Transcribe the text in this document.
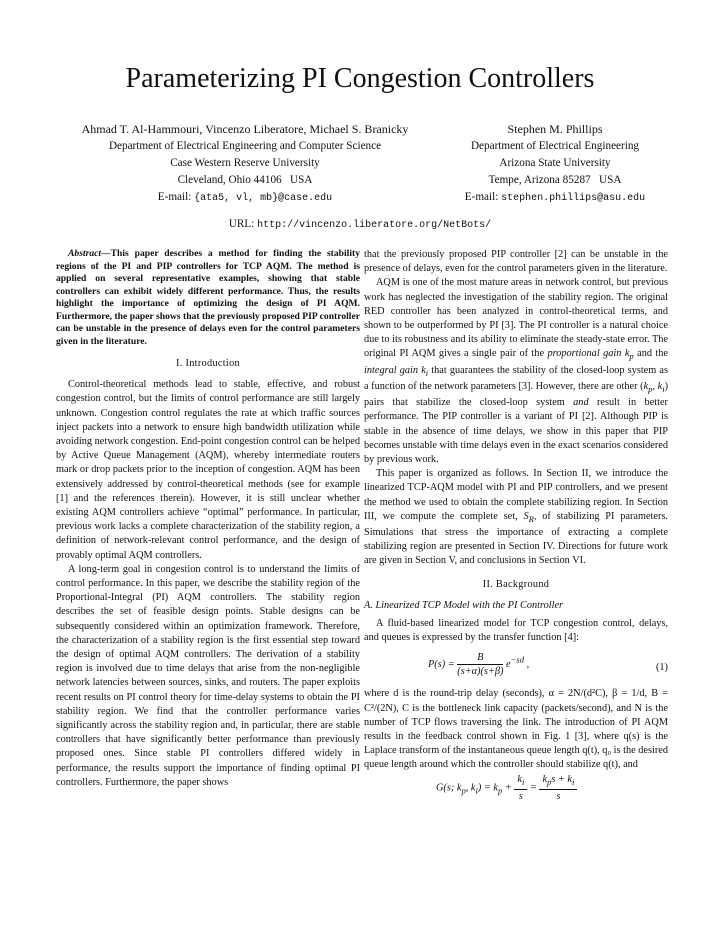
Parameterizing PI Congestion Controllers
Ahmad T. Al-Hammouri, Vincenzo Liberatore, Michael S. Branicky
Department of Electrical Engineering and Computer Science
Case Western Reserve University
Cleveland, Ohio 44106   USA
E-mail: {ata5, vl, mb}@case.edu
Stephen M. Phillips
Department of Electrical Engineering
Arizona State University
Tempe, Arizona 85287   USA
E-mail: stephen.phillips@asu.edu
URL: http://vincenzo.liberatore.org/NetBots/

Abstract—This paper describes a method for finding the stability regions of the PI and PIP controllers for TCP AQM. The method is applied on several representative examples, showing that stable controllers can exhibit widely different performance. Thus, the results highlight the importance of optimizing the design of PI AQM. Furthermore, the paper shows that the previously proposed PIP controller can be unstable in the presence of delays even for the control parameters given in the literature.

I. Introduction

Control-theoretical methods lead to stable, effective, and robust congestion control, but the limits of control performance are still largely unknown. Congestion control regulates the rate at which traffic sources inject packets into a network to ensure high bandwidth utilization while avoiding network congestion. End-point congestion control can be helped by Active Queue Management (AQM), whereby intermediate routers mark or drop packets prior to the inception of congestion. AQM has been extensively addressed by control-theoretical methods (see for example [1] and the references therein). However, it is still unclear whether existing AQM controllers achieve “optimal” performance. In particular, previous work lacks a complete characterization of the stability region, a definition of network-relevant control performance, and the design of provably optimal AQM controllers.

A long-term goal in congestion control is to understand the limits of control performance. In this paper, we describe the stability region of the Proportional-Integral (PI) AQM controllers. The stability region describes the set of feasible design points. Stable designs can be subsequently considered within an optimization framework. Therefore, the characterization of a stability region is the first essential step toward the design of optimal AQM controllers. The derivation of a stability region is involved due to time delays that arise from the non-negligible network latencies between sources, sinks, and routers. The paper exploits recent results on PI control theory for time-delay systems to obtain the PI stability region. We find that the controller performance varies significantly across the stability region and, in particular, there are stable controllers that have significantly better performance than previously proposed ones. Since stable PI controllers differed widely in performance, the results support the importance of finding optimal PI controllers. Furthermore, the paper shows

that the previously proposed PIP controller [2] can be unstable in the presence of delays, even for the control parameters given in the literature.

AQM is one of the most mature areas in network control, but previous work has neglected the investigation of the stability region. The original RED controller has been analyzed in control-theoretical terms, and shown to be outperformed by PI [3]. The PI controller is a natural choice due to its robustness and its ability to eliminate the steady-state error. The original PI AQM gives a single pair of the proportional gain $k_p$ and the integral gain $k_i$ that guarantees the stability of the closed-loop system as a function of the network parameters [3]. However, there are other ($k_p$, $k_i$) pairs that stabilize the closed-loop system and result in better performance. The PIP controller is a variant of PI [2]. Although PIP is stable in the absence of time delays, we show in this paper that PIP becomes unstable with time delays even in the exact scenarios considered by previous work.

This paper is organized as follows. In Section II, we introduce the linearized TCP-AQM model with PI and PIP controllers, and we present the method we used to obtain the complete stabilizing region. In Section III, we compute the complete set, $S_R$, of stabilizing PI parameters. Simulations that stress the importance of extracting a complete stabilizing region are presented in Section IV. Directions for future work are given in Section V, and conclusions in Section VI.

II. Background
A. Linearized TCP Model with the PI Controller

A fluid-based linearized model for TCP congestion control, delays, and queues is expressed by the transfer function [4]:

$P(s) = \frac{B}{(s+\alpha)(s+\beta)} e^{-sd}$ ,	(1)

where d is the round-trip delay (seconds), α = 2N/(d²C), β = 1/d, B = C²/(2N), C is the bottleneck link capacity (packets/second), and N is the number of TCP flows traversing the link. The introduction of PI AQM results in the feedback control shown in Fig. 1 [3], where q(s) is the Laplace transform of the instantaneous queue length q(t), q₀ is the desired queue length around which the controller should stabilize q(t), and

G(s; $k_p$, $k_i) = k_p + \frac{k_i}{s} = \frac{k_ps + k_i}{s}$
